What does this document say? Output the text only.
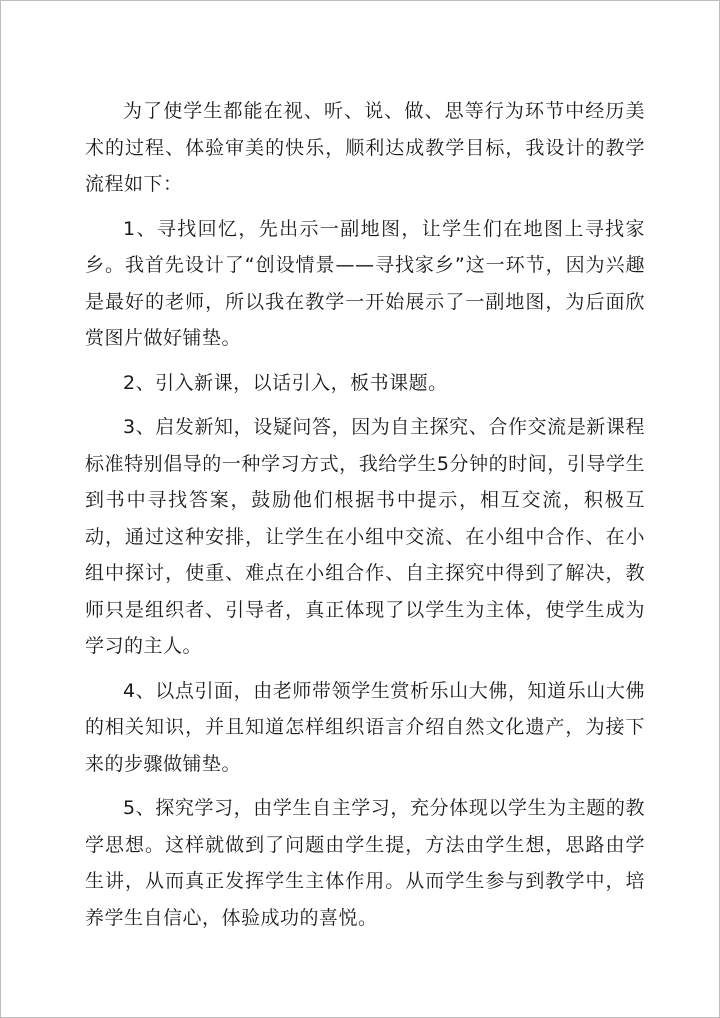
为了使学生都能在视、听、说、做、思等行为环节中经历美术的过程、体验审美的快乐，顺利达成教学目标，我设计的教学流程如下：

1、寻找回忆，先出示一副地图，让学生们在地图上寻找家乡。我首先设计了“创设情景——寻找家乡”这一环节，因为兴趣是最好的老师，所以我在教学一开始展示了一副地图，为后面欣赏图片做好铺垫。

2、引入新课，以话引入，板书课题。

3、启发新知，设疑问答，因为自主探究、合作交流是新课程标准特别倡导的一种学习方式，我给学生5分钟的时间，引导学生到书中寻找答案，鼓励他们根据书中提示，相互交流，积极互动，通过这种安排，让学生在小组中交流、在小组中合作、在小组中探讨，使重、难点在小组合作、自主探究中得到了解决，教师只是组织者、引导者，真正体现了以学生为主体，使学生成为学习的主人。

4、以点引面，由老师带领学生赏析乐山大佛，知道乐山大佛的相关知识，并且知道怎样组织语言介绍自然文化遗产，为接下来的步骤做铺垫。

5、探究学习，由学生自主学习，充分体现以学生为主题的教学思想。这样就做到了问题由学生提，方法由学生想，思路由学生讲，从而真正发挥学生主体作用。从而学生参与到教学中，培养学生自信心，体验成功的喜悦。
